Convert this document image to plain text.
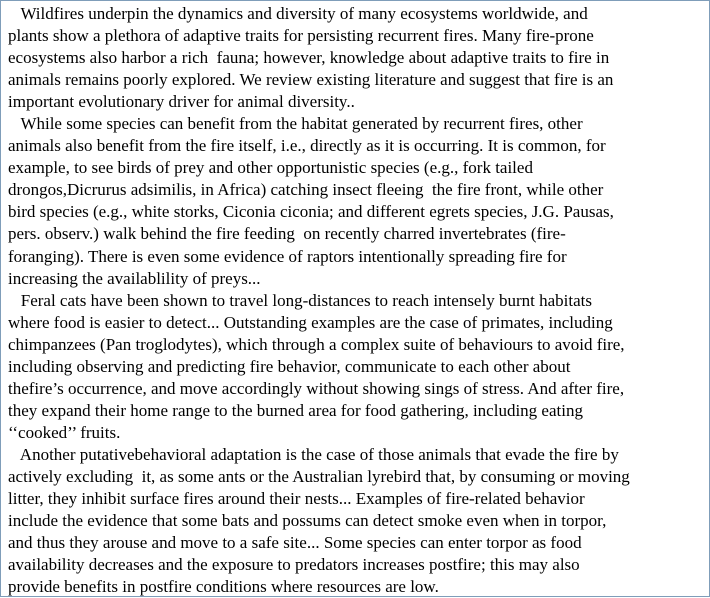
Wildfires underpin the dynamics and diversity of many ecosystems worldwide, and
plants show a plethora of adaptive traits for persisting recurrent fires. Many fire-prone
ecosystems also harbor a rich  fauna; however, knowledge about adaptive traits to fire in
animals remains poorly explored. We review existing literature and suggest that fire is an
important evolutionary driver for animal diversity..
While some species can benefit from the habitat generated by recurrent fires, other
animals also benefit from the fire itself, i.e., directly as it is occurring. It is common, for
example, to see birds of prey and other opportunistic species (e.g., fork tailed
drongos,Dicrurus adsimilis, in Africa) catching insect fleeing  the fire front, while other
bird species (e.g., white storks, Ciconia ciconia; and different egrets species, J.G. Pausas,
pers. observ.) walk behind the fire feeding  on recently charred invertebrates (fire-
foranging). There is even some evidence of raptors intentionally spreading fire for
increasing the availablility of preys...
Feral cats have been shown to travel long-distances to reach intensely burnt habitats
where food is easier to detect... Outstanding examples are the case of primates, including
chimpanzees (Pan troglodytes), which through a complex suite of behaviours to avoid fire,
including observing and predicting fire behavior, communicate to each other about
thefire’s occurrence, and move accordingly without showing sings of stress. And after fire,
they expand their home range to the burned area for food gathering, including eating
‘‘cooked’’ fruits.
Another putativebehavioral adaptation is the case of those animals that evade the fire by
actively excluding  it, as some ants or the Australian lyrebird that, by consuming or moving
litter, they inhibit surface fires around their nests... Examples of fire-related behavior
include the evidence that some bats and possums can detect smoke even when in torpor,
and thus they arouse and move to a safe site... Some species can enter torpor as food
availability decreases and the exposure to predators increases postfire; this may also
provide benefits in postfire conditions where resources are low.
